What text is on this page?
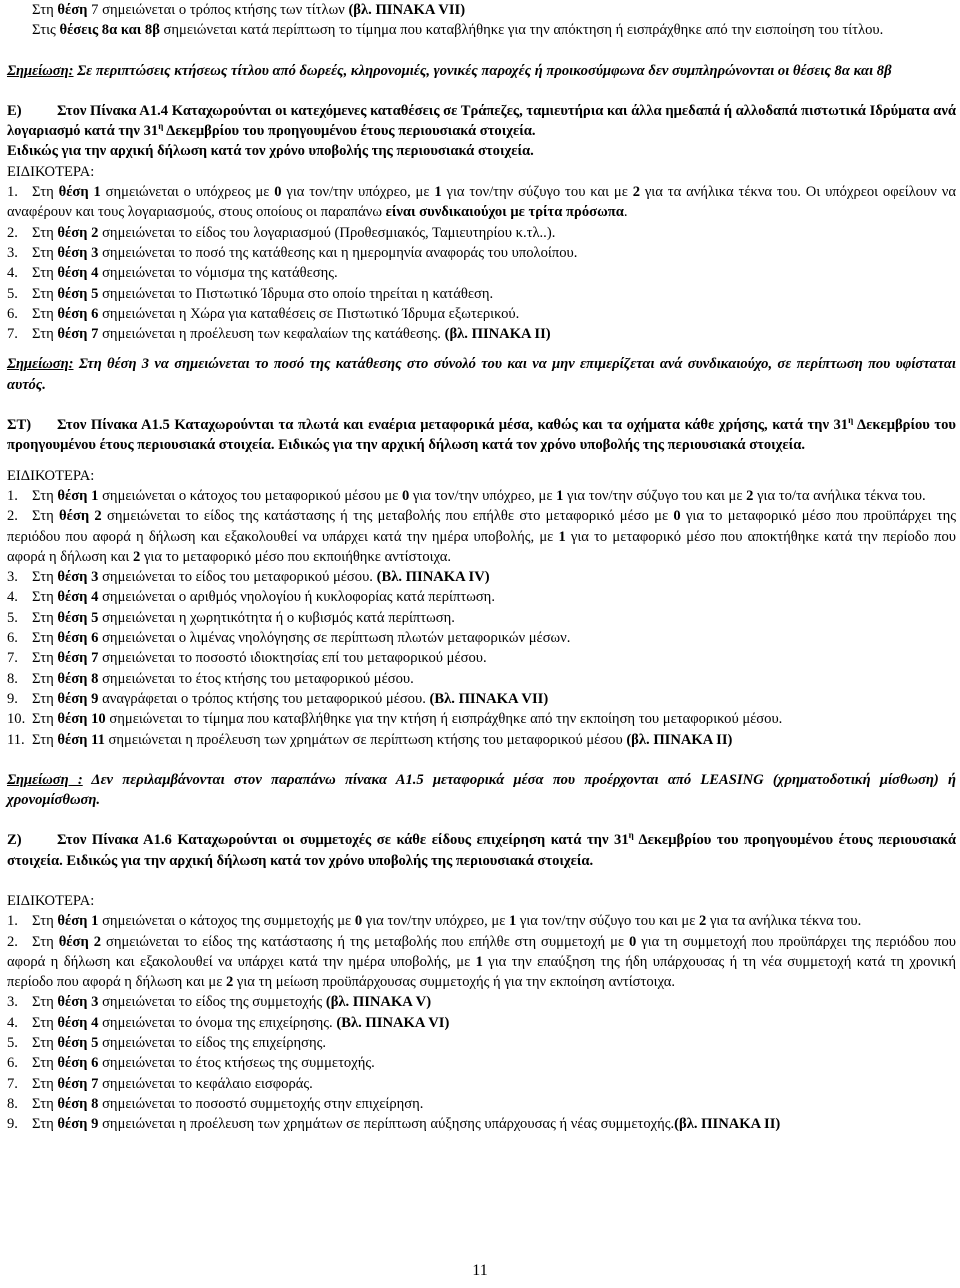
Στη θέση 7 σημειώνεται ο τρόπος κτήσης των τίτλων (βλ. ΠΙΝΑΚΑ VII)

Στις θέσεις 8α και 8β σημειώνεται κατά περίπτωση το τίμημα που καταβλήθηκε για την απόκτηση ή εισπράχθηκε από την εισποίηση του τίτλου.

Σημείωση: Σε περιπτώσεις κτήσεως τίτλου από δωρεές, κληρονομιές, γονικές παροχές ή προικοσύμφωνα δεν συμπληρώνονται οι θέσεις 8α και 8β

Ε) Στον Πίνακα Α1.4 Καταχωρούνται οι κατεχόμενες καταθέσεις σε Τράπεζες, ταμιευτήρια και άλλα ημεδαπά ή αλλοδαπά πιστωτικά Ιδρύματα ανά λογαριασμό κατά την $31^\eta$ Δεκεμβρίου του προηγουμένου έτους περιουσιακά στοιχεία.

Ειδικώς για την αρχική δήλωση κατά τον χρόνο υποβολής της περιουσιακά στοιχεία.

ΕΙΔΙΚΟΤΕΡΑ:

1. Στη θέση 1 σημειώνεται ο υπόχρεος με 0 για τον/την υπόχρεο, με 1 για τον/την σύζυγο του και με 2 για τα ανήλικα τέκνα του. Οι υπόχρεοι οφείλουν να αναφέρουν και τους λογαριασμούς, στους οποίους οι παραπάνω είναι συνδικαιούχοι με τρίτα πρόσωπα.

2. Στη θέση 2 σημειώνεται το είδος του λογαριασμού (Προθεσμιακός, Ταμιευτηρίου κ.τλ..).

3. Στη θέση 3 σημειώνεται το ποσό της κατάθεσης και η ημερομηνία αναφοράς του υπολοίπου.

4. Στη θέση 4 σημειώνεται το νόμισμα της κατάθεσης.

5. Στη θέση 5 σημειώνεται το Πιστωτικό Ίδρυμα στο οποίο τηρείται η κατάθεση.

6. Στη θέση 6 σημειώνεται η Χώρα για καταθέσεις σε Πιστωτικό Ίδρυμα εξωτερικού.

7. Στη θέση 7 σημειώνεται η προέλευση των κεφαλαίων της κατάθεσης. (βλ. ΠΙΝΑΚΑ ΙΙ)

Σημείωση: Στη θέση 3 να σημειώνεται το ποσό της κατάθεσης στο σύνολό του και να μην επιμερίζεται ανά συνδικαιούχο, σε περίπτωση που υφίσταται αυτός.

ΣΤ) Στον Πίνακα Α1.5 Καταχωρούνται τα πλωτά και εναέρια μεταφορικά μέσα, καθώς και τα οχήματα κάθε χρήσης, κατά την $31^\eta$ Δεκεμβρίου του προηγουμένου έτους περιουσιακά στοιχεία. Ειδικώς για την αρχική δήλωση κατά τον χρόνο υποβολής της περιουσιακά στοιχεία.

ΕΙΔΙΚΟΤΕΡΑ:

1. Στη θέση 1 σημειώνεται ο κάτοχος του μεταφορικού μέσου με 0 για τον/την υπόχρεο, με 1 για τον/την σύζυγο του και με 2 για το/τα ανήλικα τέκνα του.

2. Στη θέση 2 σημειώνεται το είδος της κατάστασης ή της μεταβολής που επήλθε στο μεταφορικό μέσο με 0 για το μεταφορικό μέσο που προϋπάρχει της περιόδου που αφορά η δήλωση και εξακολουθεί να υπάρχει κατά την ημέρα υποβολής, με 1 για το μεταφορικό μέσο που αποκτήθηκε κατά την περίοδο που αφορά η δήλωση και 2 για το μεταφορικό μέσο που εκποιήθηκε αντίστοιχα.

3. Στη θέση 3 σημειώνεται το είδος του μεταφορικού μέσου. (Βλ. ΠΙΝΑΚΑ IV)

4. Στη θέση 4 σημειώνεται ο αριθμός νηολογίου ή κυκλοφορίας κατά περίπτωση.

5. Στη θέση 5 σημειώνεται η χωρητικότητα ή ο κυβισμός κατά περίπτωση.

6. Στη θέση 6 σημειώνεται ο λιμένας νηολόγησης σε περίπτωση πλωτών μεταφορικών μέσων.

7. Στη θέση 7 σημειώνεται το ποσοστό ιδιοκτησίας επί του μεταφορικού μέσου.

8. Στη θέση 8 σημειώνεται το έτος κτήσης του μεταφορικού μέσου.

9. Στη θέση 9 αναγράφεται ο τρόπος κτήσης του μεταφορικού μέσου. (Βλ. ΠΙΝΑΚΑ VII)

10. Στη θέση 10 σημειώνεται το τίμημα που καταβλήθηκε για την κτήση ή εισπράχθηκε από την εκποίηση του μεταφορικού μέσου.

11. Στη θέση 11 σημειώνεται η προέλευση των χρημάτων σε περίπτωση κτήσης του μεταφορικού μέσου (βλ. ΠΙΝΑΚΑ ΙΙ)

Σημείωση : Δεν περιλαμβάνονται στον παραπάνω πίνακα Α1.5 μεταφορικά μέσα που προέρχονται από LEASING (χρηματοδοτική μίσθωση) ή χρονομίσθωση.

Ζ) Στον Πίνακα Α1.6 Καταχωρούνται οι συμμετοχές σε κάθε είδους επιχείρηση κατά την $31^\eta$ Δεκεμβρίου του προηγουμένου έτους περιουσιακά στοιχεία. Ειδικώς για την αρχική δήλωση κατά τον χρόνο υποβολής της περιουσιακά στοιχεία.

ΕΙΔΙΚΟΤΕΡΑ:

1. Στη θέση 1 σημειώνεται ο κάτοχος της συμμετοχής με 0 για τον/την υπόχρεο, με 1 για τον/την σύζυγο του και με 2 για τα ανήλικα τέκνα του.

2. Στη θέση 2 σημειώνεται το είδος της κατάστασης ή της μεταβολής που επήλθε στη συμμετοχή με 0 για τη συμμετοχή που προϋπάρχει της περιόδου που αφορά η δήλωση και εξακολουθεί να υπάρχει κατά την ημέρα υποβολής, με 1 για την επαύξηση της ήδη υπάρχουσας ή τη νέα συμμετοχή κατά τη χρονική περίοδο που αφορά η δήλωση και με 2 για τη μείωση προϋπάρχουσας συμμετοχής ή για την εκποίηση αντίστοιχα.

3. Στη θέση 3 σημειώνεται το είδος της συμμετοχής (βλ. ΠΙΝΑΚΑ V)

4. Στη θέση 4 σημειώνεται το όνομα της επιχείρησης. (Βλ. ΠΙΝΑΚΑ VI)

5. Στη θέση 5 σημειώνεται το είδος της επιχείρησης.

6. Στη θέση 6 σημειώνεται το έτος κτήσεως της συμμετοχής.

7. Στη θέση 7 σημειώνεται το κεφάλαιο εισφοράς.

8. Στη θέση 8 σημειώνεται το ποσοστό συμμετοχής στην επιχείρηση.

9. Στη θέση 9 σημειώνεται η προέλευση των χρημάτων σε περίπτωση αύξησης υπάρχουσας ή νέας συμμετοχής.(βλ. ΠΙΝΑΚΑ ΙΙ)

11
